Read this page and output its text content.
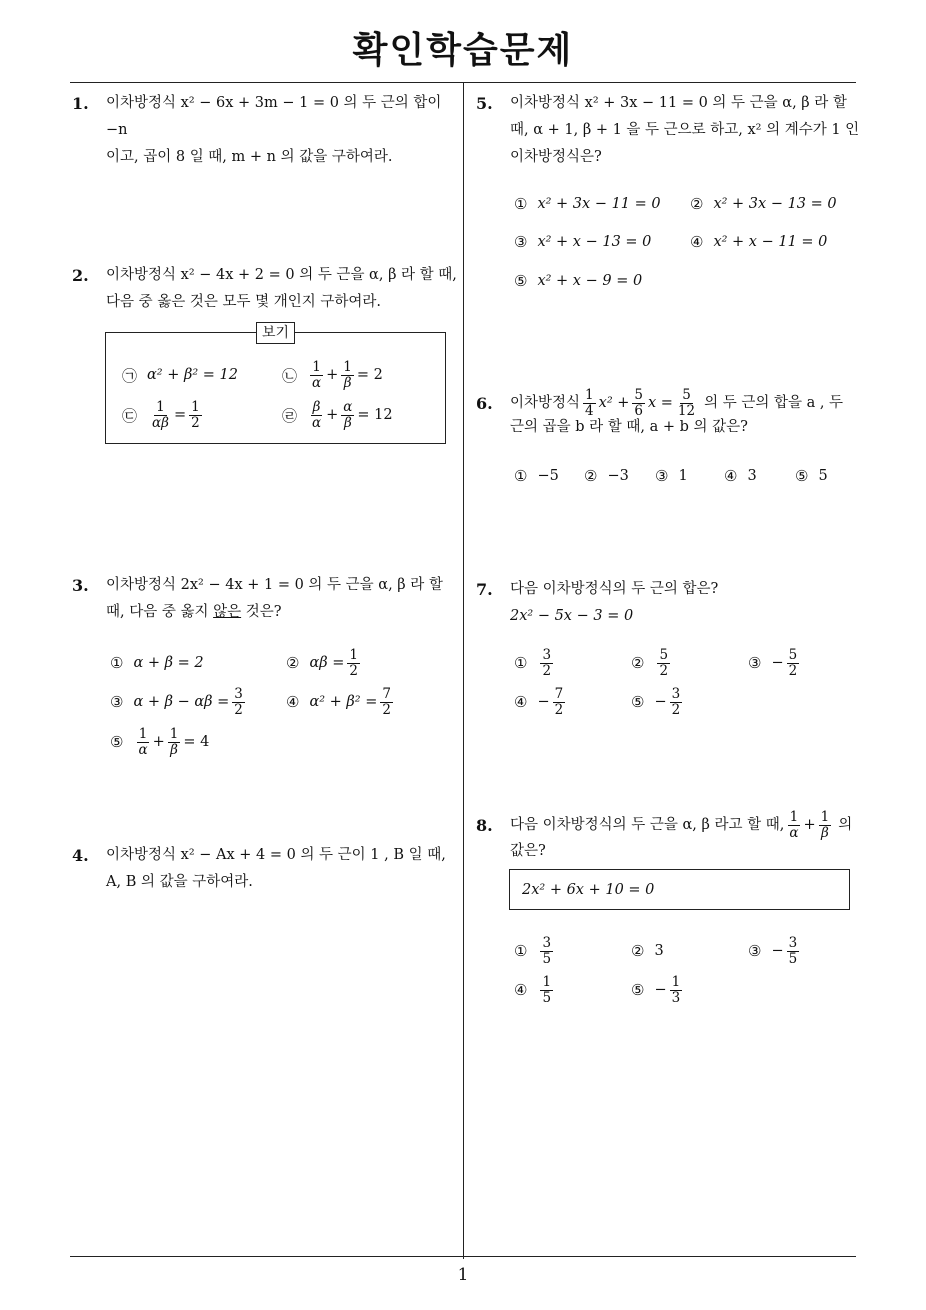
확인학습문제
1
1. 이차방정식 x² − 6x + 3m − 1 = 0 의 두 근의 합이 −n
이고, 곱이 8 일 때, m + n 의 값을 구하여라.
2. 이차방정식 x² − 4x + 2 = 0 의 두 근을 α, β 라 할 때,
다음 중 옳은 것은 모두 몇 개인지 구하여라.
보기
㉠ α² + β² = 12	㉡ $\frac{1}{\alpha} + \frac{1}{\beta} = 2$
㉢ $\frac{1}{\alpha\beta} = \frac{1}{2}$	㉣ $\frac{\beta}{\alpha} + \frac{\alpha}{\beta} = 12$
3. 이차방정식 2x² − 4x + 1 = 0 의 두 근을 α, β 라 할
때, 다음 중 옳지 않은 것은?
① α + β = 2	② $\alpha\beta = \frac{1}{2}$
③ $\alpha + \beta - \alpha\beta = \frac{3}{2}$	④ $\alpha^2 + \beta^2 = \frac{7}{2}$
⑤ $\frac{1}{\alpha} + \frac{1}{\beta} = 4$
4. 이차방정식 x² − Ax + 4 = 0 의 두 근이 1 , B 일 때,
A, B 의 값을 구하여라.
5. 이차방정식 x² + 3x − 11 = 0 의 두 근을 α, β 라 할
때, α + 1, β + 1 을 두 근으로 하고, x² 의 계수가 1 인
이차방정식은?
① x² + 3x − 11 = 0 ② x² + 3x − 13 = 0
③ x² + x − 13 = 0	④ x² + x − 11 = 0
⑤ x² + x − 9 = 0
6. 이차방정식 $\frac{1}{4} x^2 + \frac{5}{6}$ $x = \frac{5}{12}$ 의 두 근의 합을 a , 두
근의 곱을 b 라 할 때, a + b 의 값은?
① −5 ② −3 ③ 1 ④ 3	⑤ 5
7. 다음 이차방정식의 두 근의 합은?
2x² − 5x − 3 = 0
① $\frac{3}{2}$	② $\frac{5}{2}$	③ − $\frac{5}{2}$
④ − $\frac{7}{2}$	⑤ − $\frac{3}{2}$
8. 다음 이차방정식의 두 근을 α, β 라고 할 때, $\frac{1}{\alpha} + \frac{1}{\beta}$ 의
값은?
2x² + 6x + 10 = 0
① $\frac{3}{5}$	② 3	③ − $\frac{3}{5}$
④ $\frac{1}{5}$	⑤ − $\frac{1}{3}$
